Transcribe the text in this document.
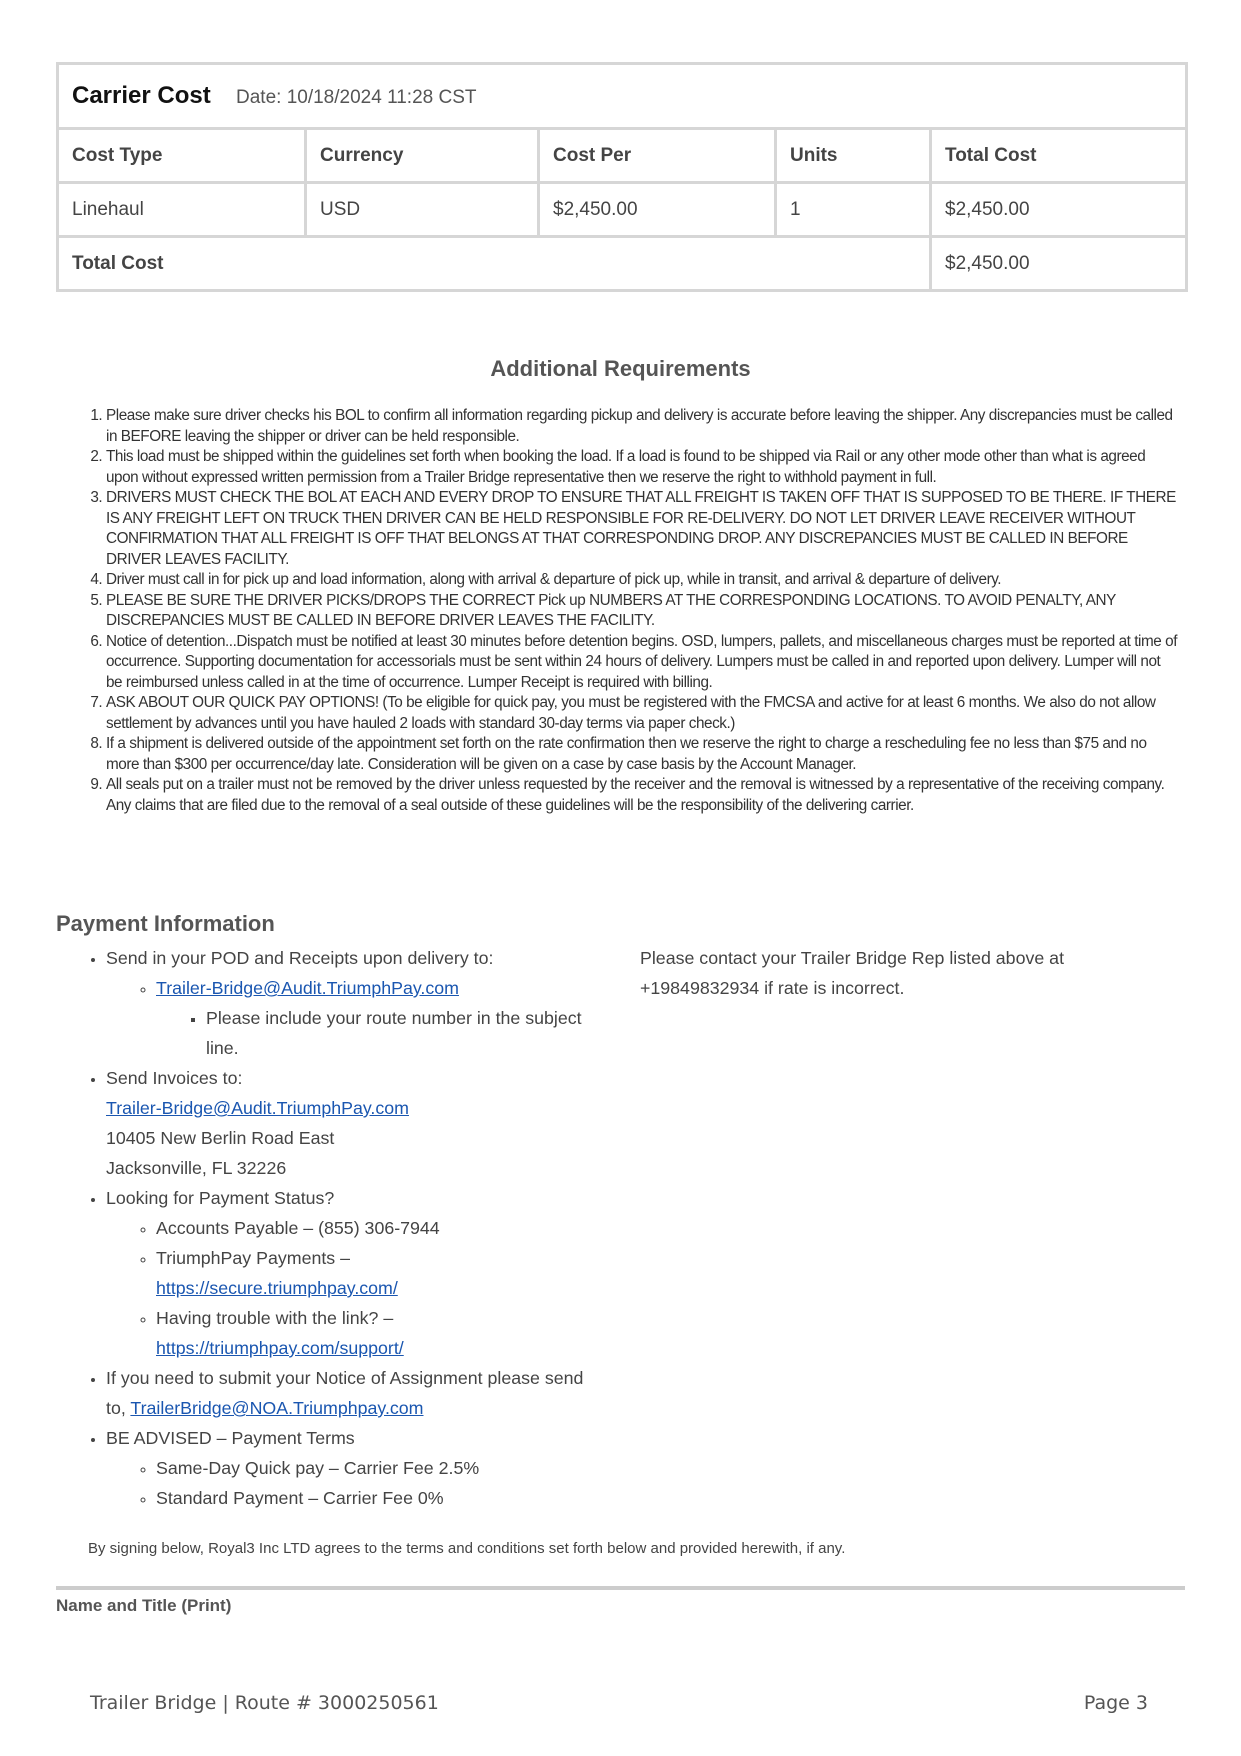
Carrier Cost Date: 10/18/2024 11:28 CST				
Cost Type	Currency	Cost Per	Units	Total Cost
Linehaul	USD	$2,450.00	1	$2,450.00
Total Cost				$2,450.00
Additional Requirements
1. Please make sure driver checks his BOL to confirm all information regarding pickup and delivery is accurate before leaving the shipper. Any discrepancies must be called in BEFORE leaving the shipper or driver can be held responsible.
2. This load must be shipped within the guidelines set forth when booking the load. If a load is found to be shipped via Rail or any other mode other than what is agreed upon without expressed written permission from a Trailer Bridge representative then we reserve the right to withhold payment in full.
3. DRIVERS MUST CHECK THE BOL AT EACH AND EVERY DROP TO ENSURE THAT ALL FREIGHT IS TAKEN OFF THAT IS SUPPOSED TO BE THERE. IF THERE IS ANY FREIGHT LEFT ON TRUCK THEN DRIVER CAN BE HELD RESPONSIBLE FOR RE-DELIVERY. DO NOT LET DRIVER LEAVE RECEIVER WITHOUT CONFIRMATION THAT ALL FREIGHT IS OFF THAT BELONGS AT THAT CORRESPONDING DROP. ANY DISCREPANCIES MUST BE CALLED IN BEFORE DRIVER LEAVES FACILITY.
4. Driver must call in for pick up and load information, along with arrival & departure of pick up, while in transit, and arrival & departure of delivery.
5. PLEASE BE SURE THE DRIVER PICKS/DROPS THE CORRECT Pick up NUMBERS AT THE CORRESPONDING LOCATIONS. TO AVOID PENALTY, ANY DISCREPANCIES MUST BE CALLED IN BEFORE DRIVER LEAVES THE FACILITY.
6. Notice of detention...Dispatch must be notified at least 30 minutes before detention begins. OSD, lumpers, pallets, and miscellaneous charges must be reported at time of occurrence. Supporting documentation for accessorials must be sent within 24 hours of delivery. Lumpers must be called in and reported upon delivery. Lumper will not be reimbursed unless called in at the time of occurrence. Lumper Receipt is required with billing.
7. ASK ABOUT OUR QUICK PAY OPTIONS! (To be eligible for quick pay, you must be registered with the FMCSA and active for at least 6 months. We also do not allow settlement by advances until you have hauled 2 loads with standard 30-day terms via paper check.)
8. If a shipment is delivered outside of the appointment set forth on the rate confirmation then we reserve the right to charge a rescheduling fee no less than $75 and no more than $300 per occurrence/day late. Consideration will be given on a case by case basis by the Account Manager.
9. All seals put on a trailer must not be removed by the driver unless requested by the receiver and the removal is witnessed by a representative of the receiving company. Any claims that are filed due to the removal of a seal outside of these guidelines will be the responsibility of the delivering carrier.
Payment Information
• Send in your POD and Receipts upon delivery to:
◦ Trailer-Bridge@Audit.TriumphPay.com
▪ Please include your route number in the subject line.
• Send Invoices to:
Trailer-Bridge@Audit.TriumphPay.com
10405 New Berlin Road East
Jacksonville, FL 32226
• Looking for Payment Status?
◦ Accounts Payable – (855) 306-7944
◦ TriumphPay Payments –
https://secure.triumphpay.com/
◦ Having trouble with the link? –
https://triumphpay.com/support/
• If you need to submit your Notice of Assignment please send to, TrailerBridge@NOA.Triumphpay.com
• BE ADVISED – Payment Terms
◦ Same-Day Quick pay – Carrier Fee 2.5%
◦ Standard Payment – Carrier Fee 0%
Please contact your Trailer Bridge Rep listed above at
+19849832934 if rate is incorrect.
By signing below, Royal3 Inc LTD agrees to the terms and conditions set forth below and provided herewith, if any.
Name and Title (Print)
Trailer Bridge | Route # 3000250561	Page 3
